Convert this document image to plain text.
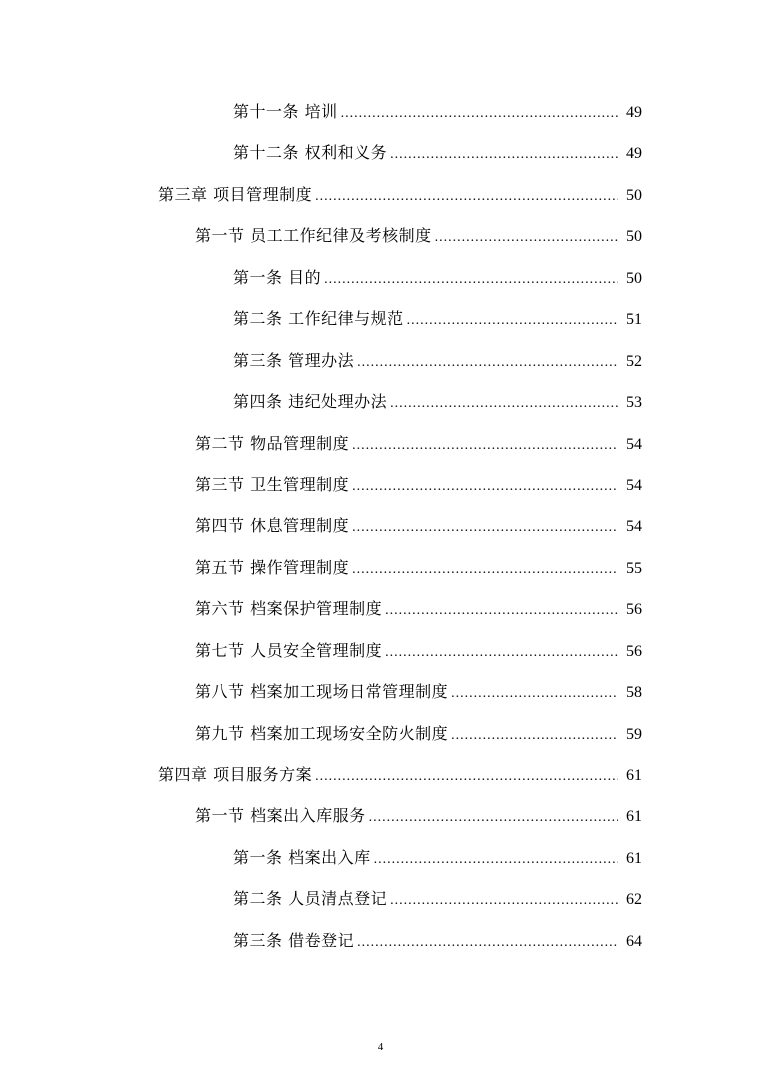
第十一条 培训 .....	49
第十二条 权利和义务 .....	49
第三章 项目管理制度 .....	50
第一节 员工工作纪律及考核制度 .....	50
第一条 目的 .....	50
第二条 工作纪律与规范 .....	51
第三条 管理办法 .....	52
第四条 违纪处理办法 .....	53
第二节 物品管理制度 .....	54
第三节 卫生管理制度 .....	54
第四节 休息管理制度 .....	54
第五节 操作管理制度 .....	55
第六节 档案保护管理制度 .....	56
第七节 人员安全管理制度 .....	56
第八节 档案加工现场日常管理制度 .....	58
第九节 档案加工现场安全防火制度 .....	59
第四章 项目服务方案 .....	61
第一节 档案出入库服务 .....	61
第一条 档案出入库 .....	61
第二条 人员清点登记 .....	62
第三条 借卷登记 .....	64
4
